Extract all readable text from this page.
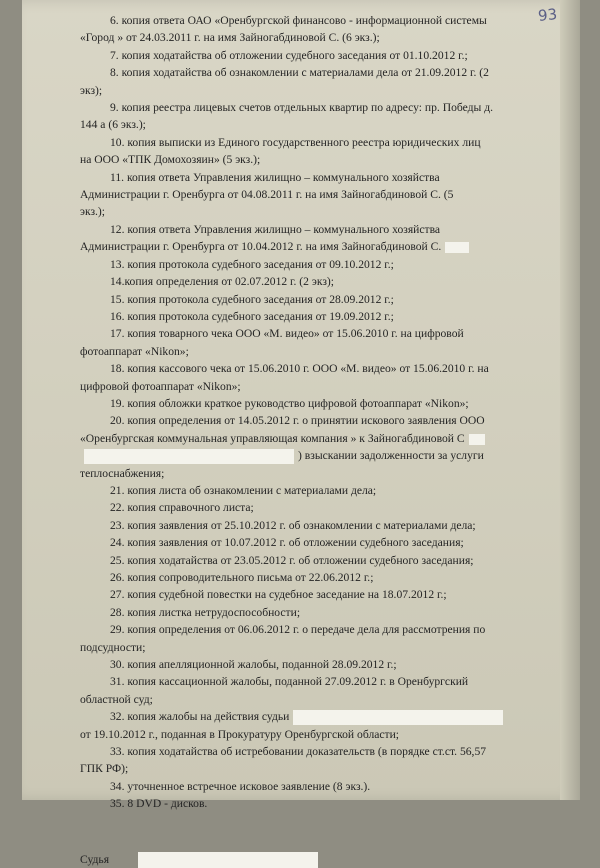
93
6. копия ответа ОАО «Оренбургской финансово - информационной системы
«Город » от 24.03.2011 г. на имя Зайногабдиновой С. (6 экз.);
7. копия ходатайства об отложении судебного заседания от 01.10.2012 г.;
8. копия ходатайства об ознакомлении с материалами дела от 21.09.2012 г. (2
экз);
9. копия реестра лицевых счетов отдельных квартир по адресу: пр. Победы д.
144 а (6 экз.);
10. копия выписки из Единого государственного реестра юридических лиц
на ООО «ТПК Домохозяин» (5 экз.);
11. копия ответа Управления жилищно – коммунального хозяйства
Администрации г. Оренбурга от 04.08.2011 г. на имя Зайногабдиновой С. (5
экз.);
12. копия ответа Управления жилищно – коммунального хозяйства
Администрации г. Оренбурга от 10.04.2012 г. на имя Зайногабдиновой С.
13. копия протокола судебного заседания от 09.10.2012 г.;
14.копия определения от 02.07.2012 г. (2 экз);
15. копия протокола судебного заседания от 28.09.2012 г.;
16. копия протокола судебного заседания от 19.09.2012 г.;
17. копия товарного чека ООО «М. видео» от 15.06.2010 г. на цифровой
фотоаппарат «Nikon»;
18. копия кассового чека от 15.06.2010 г. ООО «М. видео» от 15.06.2010 г. на
цифровой фотоаппарат «Nikon»;
19. копия обложки краткое руководство цифровой фотоаппарат «Nikon»;
20. копия определения от 14.05.2012 г. о принятии искового заявления ООО
«Оренбургская коммунальная управляющая компания » к Зайногабдиновой С
) взыскании задолженности за услуги
теплоснабжения;
21. копия листа об ознакомлении с материалами дела;
22. копия справочного листа;
23. копия заявления от 25.10.2012 г. об ознакомлении с материалами дела;
24. копия заявления от 10.07.2012 г. об отложении судебного заседания;
25. копия ходатайства от 23.05.2012 г. об отложении судебного заседания;
26. копия сопроводительного письма от 22.06.2012 г.;
27. копия судебной повестки на судебное заседание на 18.07.2012 г.;
28. копия листка нетрудоспособности;
29. копия определения от 06.06.2012 г. о передаче дела для рассмотрения по
подсудности;
30. копия апелляционной жалобы, поданной 28.09.2012 г.;
31. копия кассационной жалобы, поданной 27.09.2012 г. в Оренбургский
областной суд;
32. копия жалобы на действия судьи
от 19.10.2012 г., поданная в Прокуратуру Оренбургской области;
33. копия ходатайства об истребовании доказательств (в порядке ст.ст. 56,57
ГПК РФ);
34. уточненное встречное исковое заявление (8 экз.).
35. 8 DVD - дисков.
Судья
